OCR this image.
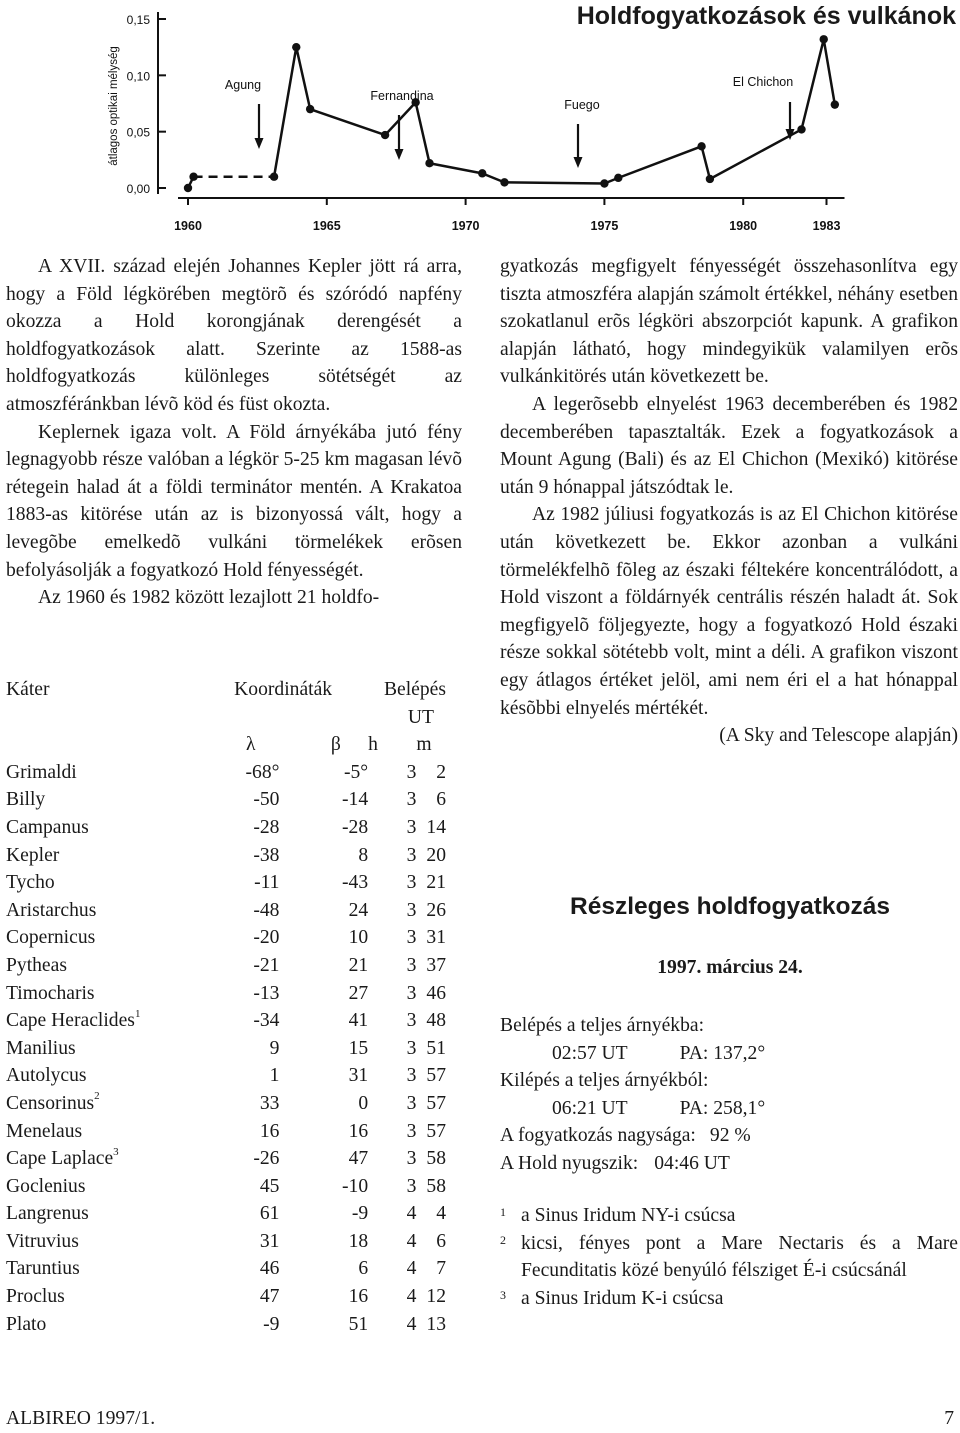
Holdfogyatkozások és vulkánok
0,00
0,05
0,10
0,15
átlagos optikai mélység
1960	1965	1970	1975	1980	1983
Agung
Fernandina
Fuego
El Chichon

A XVII. század elején Johannes Kepler jött rá arra, hogy a Föld légkörében megtörõ és szóródó napfény okozza a Hold korongjának derengését a holdfogyatkozások alatt. Szerinte az 1588-as holdfogyatkozás különleges sötétségét az atmoszféránkban lévõ köd és füst okozta.

Keplernek igaza volt. A Föld árnyékába jutó fény legnagyobb része valóban a légkör 5-25 km magasan lévõ rétegein halad át a földi terminátor mentén. A Krakatoa 1883-as kitörése után az is bizonyossá vált, hogy a levegõbe emelkedõ vulkáni törmelékek erõsen befolyásolják a fogyatkozó Hold fényességét.

Az 1960 és 1982 között lezajlott 21 holdfo-

Káter	Koordináták		Belépés	
			UT	
	λ	β	h	m
Grimaldi	-68°	-5°	3	2
Billy	-50	-14	3	6
Campanus	-28	-28	3	14
Kepler	-38	8	3	20
Tycho	-11	-43	3	21
Aristarchus	-48	24	3	26
Copernicus	-20	10	3	31
Pytheas	-21	21	3	37
Timocharis	-13	27	3	46
Cape Heraclides$^1$	-34	41	3	48
Manilius	9	15	3	51
Autolycus	1	31	3	57
Censorinus$^2$	33	0	3	57
Menelaus	16	16	3	57
Cape Laplace$^3$	-26	47	3	58
Goclenius	45	-10	3	58
Langrenus	61	-9	4	4
Vitruvius	31	18	4	6
Taruntius	46	6	4	7
Proclus	47	16	4	12
Plato	-9	51	4	13

gyatkozás megfigyelt fényességét összehasonlítva egy tiszta atmoszféra alapján számolt értékkel, néhány esetben szokatlanul erõs légköri abszorpciót kapunk. A grafikon alapján látható, hogy mindegyikük valamilyen erõs vulkánkitörés után következett be.

A legerõsebb elnyelést 1963 decemberében és 1982 decemberében tapasztalták. Ezek a fogyatkozások a Mount Agung (Bali) és az El Chichon (Mexikó) kitörése után 9 hónappal játszódtak le.

Az 1982 júliusi fogyatkozás is az El Chichon kitörése után következett be. Ekkor azonban a vulkáni törmelékfelhõ fõleg az északi féltekére koncentrálódott, a Hold viszont a földárnyék centrális részén haladt át. Sok megfigyelõ följegyezte, hogy a fogyatkozó Hold északi része sokkal sötétebb volt, mint a déli. A grafikon viszont egy átlagos értéket jelöl, ami nem éri el a hat hónappal késõbbi elnyelés mértékét.

(A Sky and Telescope alapján)

Részleges holdfogyatkozás
1997. március 24.
Belépés a teljes árnyékba:
02:57 UT	PA: 137,2°
Kilépés a teljes árnyékból:
06:21 UT	PA: 258,1°
A fogyatkozás nagysága: 92 %
A Hold nyugszik: 04:46 UT
1 a Sinus Iridum NY-i csúcsa
2 kicsi, fényes pont a Mare Nectaris és a Mare Fecunditatis közé benyúló félsziget É-i csúcsánál
3 a Sinus Iridum K-i csúcsa
ALBIREO 1997/1.	7
